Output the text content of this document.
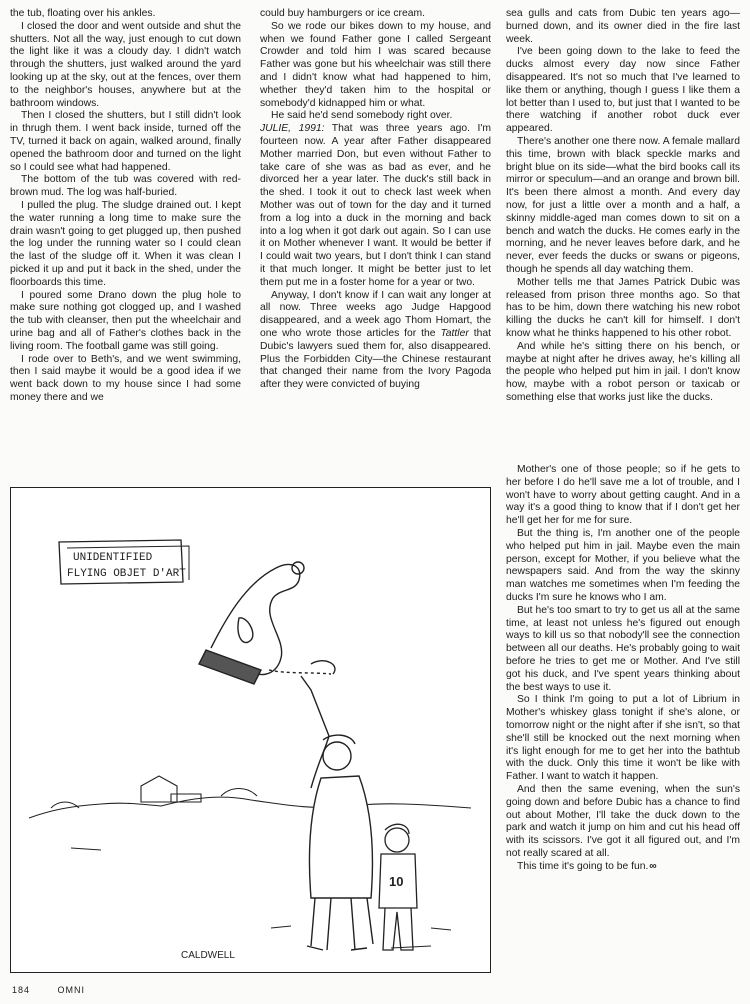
the tub, floating over his ankles.

I closed the door and went outside and shut the shutters. Not all the way, just enough to cut down the light like it was a cloudy day. I didn't watch through the shutters, just walked around the yard looking up at the sky, out at the fences, over them to the neighbor's houses, anywhere but at the bathroom windows.

Then I closed the shutters, but I still didn't look in thrugh them. I went back inside, turned off the TV, turned it back on again, walked around, finally opened the bathroom door and turned on the light so I could see what had happened.

The bottom of the tub was covered with red-brown mud. The log was half-buried.

I pulled the plug. The sludge drained out. I kept the water running a long time to make sure the drain wasn't going to get plugged up, then pushed the log under the running water so I could clean the last of the sludge off it. When it was clean I picked it up and put it back in the shed, under the floorboards this time.

I poured some Drano down the plug hole to make sure nothing got clogged up, and I washed the tub with cleanser, then put the wheelchair and urine bag and all of Father's clothes back in the living room. The football game was still going.

I rode over to Beth's, and we went swimming, then I said maybe it would be a good idea if we went back down to my house since I had some money there and we

could buy hamburgers or ice cream.

So we rode our bikes down to my house, and when we found Father gone I called Sergeant Crowder and told him I was scared because Father was gone but his wheelchair was still there and I didn't know what had happened to him, whether they'd taken him to the hospital or somebody'd kidnapped him or what.

He said he'd send somebody right over.

JULIE, 1991: That was three years ago. I'm fourteen now. A year after Father disappeared Mother married Don, but even without Father to take care of she was as bad as ever, and he divorced her a year later. The duck's still back in the shed. I took it out to check last week when Mother was out of town for the day and it turned from a log into a duck in the morning and back into a log when it got dark out again. So I can use it on Mother whenever I want. It would be better if I could wait two years, but I don't think I can stand it that much longer. It might be better just to let them put me in a foster home for a year or two.

Anyway, I don't know if I can wait any longer at all now. Three weeks ago Judge Hapgood disappeared, and a week ago Thom Homart, the one who wrote those articles for the Tattler that Dubic's lawyers sued them for, also disappeared. Plus the Forbidden City—the Chinese restaurant that changed their name from the Ivory Pagoda after they were convicted of buying

sea gulls and cats from Dubic ten years ago—burned down, and its owner died in the fire last week.

I've been going down to the lake to feed the ducks almost every day now since Father disappeared. It's not so much that I've learned to like them or anything, though I guess I like them a lot better than I used to, but just that I wanted to be there watching if another robot duck ever appeared.

There's another one there now. A female mallard this time, brown with black speckle marks and bright blue on its side—what the bird books call its mirror or speculum—and an orange and brown bill. It's been there almost a month. And every day now, for just a little over a month and a half, a skinny middle-aged man comes down to sit on a bench and watch the ducks. He comes early in the morning, and he never leaves before dark, and he never, ever feeds the ducks or swans or pigeons, though he spends all day watching them.

Mother tells me that James Patrick Dubic was released from prison three months ago. So that has to be him, down there watching his new robot killing the ducks he can't kill for himself. I don't know what he thinks happened to his other robot.

And while he's sitting there on his bench, or maybe at night after he drives away, he's killing all the people who helped put him in jail. I don't know how, maybe with a robot person or taxicab or something else that works just like the ducks.

Mother's one of those people; so if he gets to her before I do he'll save me a lot of trouble, and I won't have to worry about getting caught. And in a way it's a good thing to know that if I don't get her he'll get her for me for sure.

But the thing is, I'm another one of the people who helped put him in jail. Maybe even the main person, except for Mother, if you believe what the newspapers said. And from the way the skinny man watches me sometimes when I'm feeding the ducks I'm sure he knows who I am.

But he's too smart to try to get us all at the same time, at least not unless he's figured out enough ways to kill us so that nobody'll see the connection between all our deaths. He's probably going to wait before he tries to get me or Mother. And I've still got his duck, and I've spent years thinking about the best ways to use it.

So I think I'm going to put a lot of Librium in Mother's whiskey glass tonight if she's alone, or tomorrow night or the night after if she isn't, so that she'll still be knocked out the next morning when it's light enough for me to get her into the bathtub with the duck. Only this time it won't be like with Father. I want to watch it happen.

And then the same evening, when the sun's going down and before Dubic has a chance to find out about Mother, I'll take the duck down to the park and watch it jump on him and cut his head off with its scissors. I've got it all figured out, and I'm not really scared at all.

This time it's going to be fun. ∞

UNIDENTIFIED
FLYING OBJET D'ART
10
CALDWELL
184	OMNI
